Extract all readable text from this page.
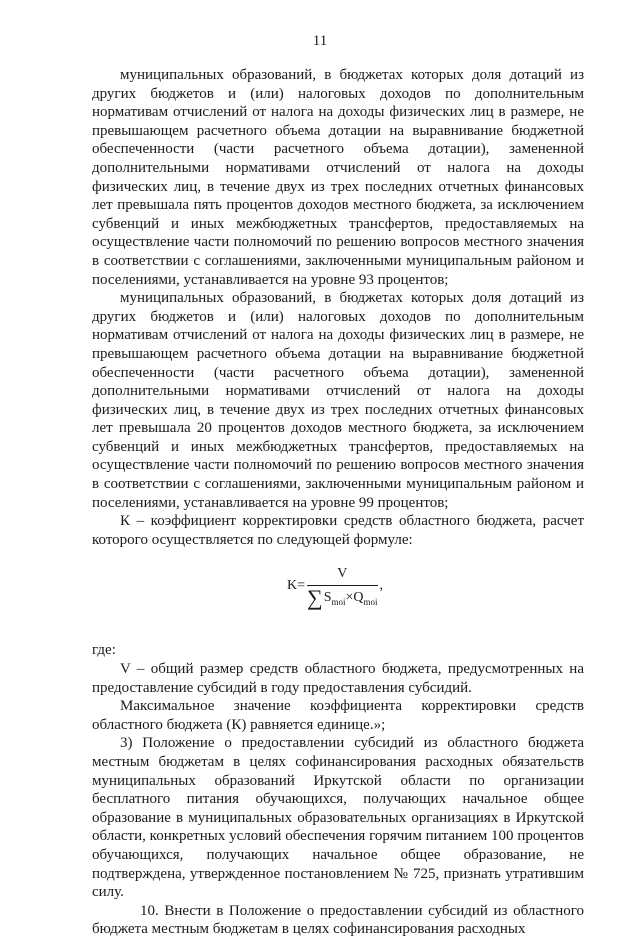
11

муниципальных образований, в бюджетах которых доля дотаций из других бюджетов и (или) налоговых доходов по дополнительным нормативам отчислений от налога на доходы физических лиц в размере, не превышающем расчетного объема дотации на выравнивание бюджетной обеспеченности (части расчетного объема дотации), замененной дополнительными нормативами отчислений от налога на доходы физических лиц, в течение двух из трех последних отчетных финансовых лет превышала пять процентов доходов местного бюджета, за исключением субвенций и иных межбюджетных трансфертов, предоставляемых на осуществление части полномочий по решению вопросов местного значения в соответствии с соглашениями, заключенными муниципальным районом и поселениями, устанавливается на уровне 93 процентов;

муниципальных образований, в бюджетах которых доля дотаций из других бюджетов и (или) налоговых доходов по дополнительным нормативам отчислений от налога на доходы физических лиц в размере, не превышающем расчетного объема дотации на выравнивание бюджетной обеспеченности (части расчетного объема дотации), замененной дополнительными нормативами отчислений от налога на доходы физических лиц, в течение двух из трех последних отчетных финансовых лет превышала 20 процентов доходов местного бюджета, за исключением субвенций и иных межбюджетных трансфертов, предоставляемых на осуществление части полномочий по решению вопросов местного значения в соответствии с соглашениями, заключенными муниципальным районом и поселениями, устанавливается на уровне 99 процентов;

К – коэффициент корректировки средств областного бюджета, расчет которого осуществляется по следующей формуле:

$K= \frac{V}{\text{∑ S moi ×Q moi}}$ ,

где:

V – общий размер средств областного бюджета, предусмотренных на предоставление субсидий в году предоставления субсидий.

Максимальное значение коэффициента корректировки средств областного бюджета (К) равняется единице.»;

3) Положение о предоставлении субсидий из областного бюджета местным бюджетам в целях софинансирования расходных обязательств муниципальных образований Иркутской области по организации бесплатного питания обучающихся, получающих начальное общее образование в муниципальных образовательных организациях в Иркутской области, конкретных условий обеспечения горячим питанием 100 процентов обучающихся, получающих начальное общее образование, не подтверждена, утвержденное постановлением № 725, признать утратившим силу.

10. Внести в Положение о предоставлении субсидий из областного бюджета местным бюджетам в целях софинансирования расходных
